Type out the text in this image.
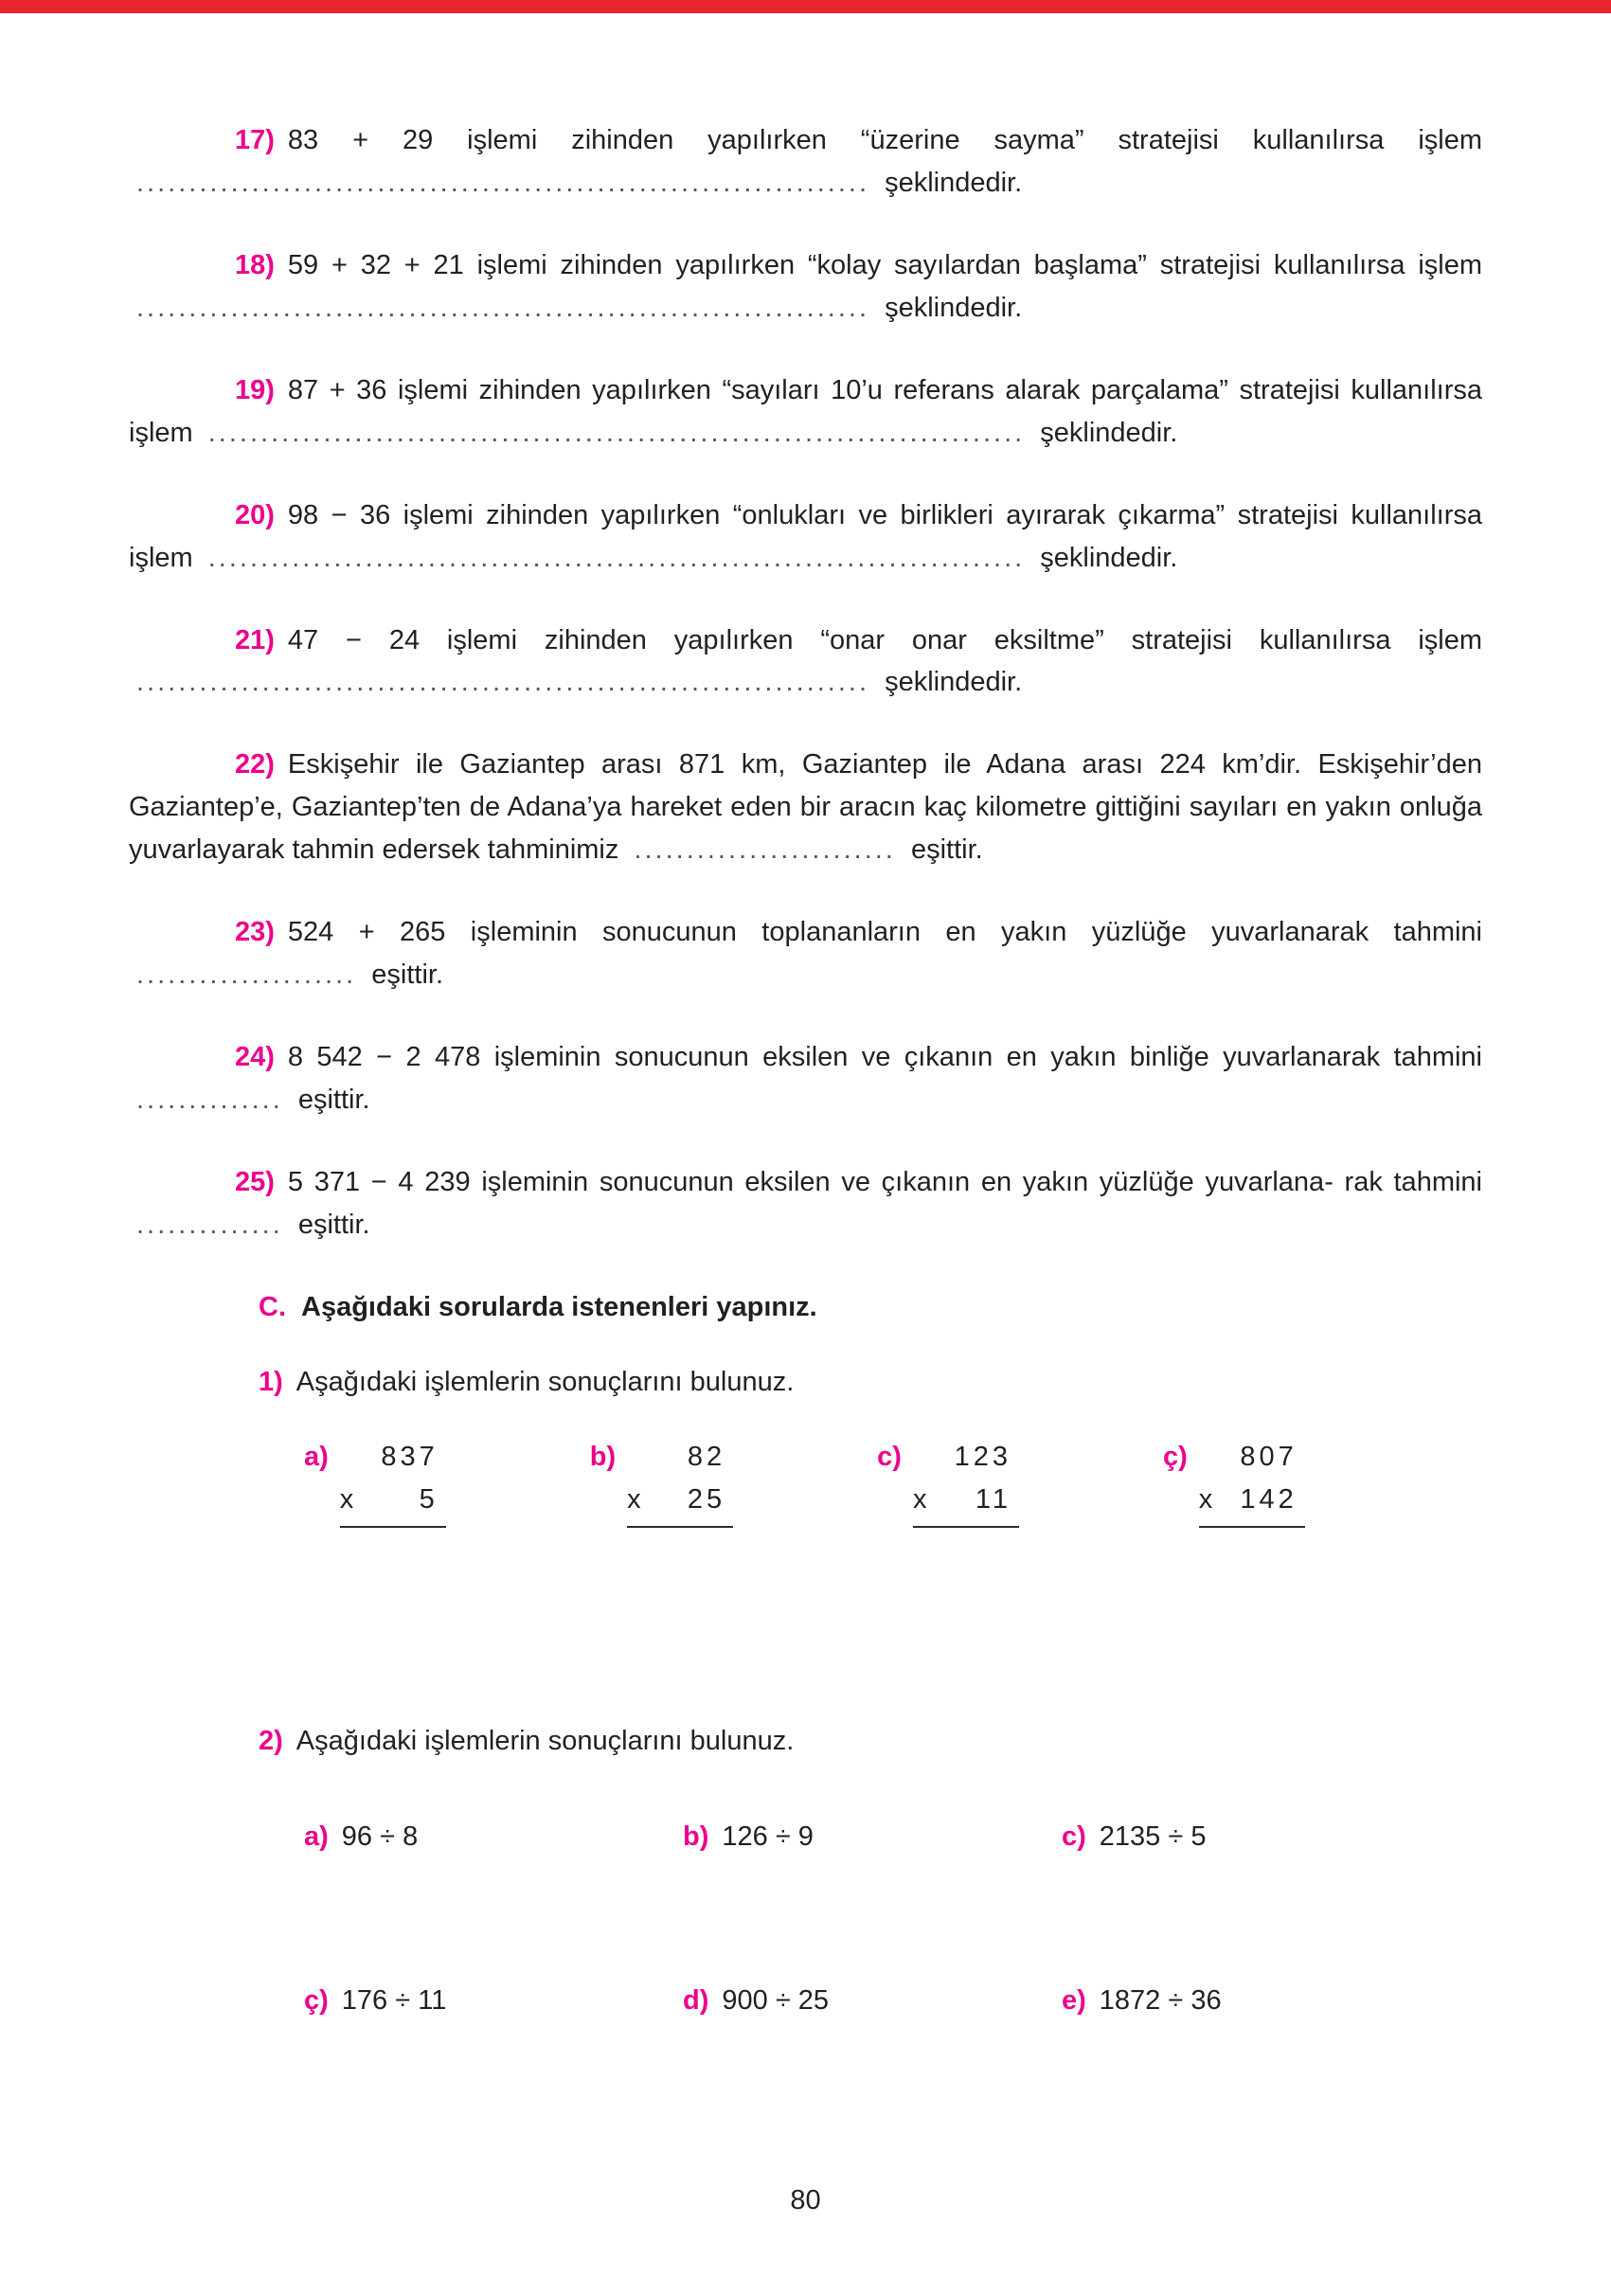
17) 83 + 29 işlemi zihinden yapılırken “üzerine sayma” stratejisi kullanılırsa işlem ...................................................................... şeklindedir.

18) 59 + 32 + 21 işlemi zihinden yapılırken “kolay sayılardan başlama” stratejisi kullanılırsa işlem ...................................................................... şeklindedir.

19) 87 + 36 işlemi zihinden yapılırken “sayıları 10’u referans alarak parçalama” stratejisi kullanılırsa işlem .............................................................................. şeklindedir.

20) 98 − 36 işlemi zihinden yapılırken “onlukları ve birlikleri ayırarak çıkarma” stratejisi kullanılırsa işlem .............................................................................. şeklindedir.

21) 47 − 24 işlemi zihinden yapılırken “onar onar eksiltme” stratejisi kullanılırsa işlem ...................................................................... şeklindedir.

22) Eskişehir ile Gaziantep arası 871 km, Gaziantep ile Adana arası 224 km’dir. Eskişehir’den Gaziantep’e, Gaziantep’ten de Adana’ya hareket eden bir aracın kaç kilometre gittiğini sayıları en yakın onluğa yuvarlayarak tahmin edersek tahminimiz ......................... eşittir.

23) 524 + 265 işleminin sonucunun toplananların en yakın yüzlüğe yuvarlanarak tahmini ..................... eşittir.

24) 8 542 − 2 478 işleminin sonucunun eksilen ve çıkanın en yakın binliğe yuvarlanarak tahmini .............. eşittir.

25) 5 371 − 4 239 işleminin sonucunun eksilen ve çıkanın en yakın yüzlüğe yuvarlana- rak tahmini .............. eşittir.

C. Aşağıdaki sorularda istenenleri yapınız.

1) Aşağıdaki işlemlerin sonuçlarını bulunuz.

a)	837
x 5
b)	82
x 25
c)	123
x 11
ç)	807
x 142

2) Aşağıdaki işlemlerin sonuçlarını bulunuz.

a) 96 ÷ 8	b) 126 ÷ 9	c) 2135 ÷ 5
ç) 176 ÷ 11	d) 900 ÷ 25	e) 1872 ÷ 36
80
